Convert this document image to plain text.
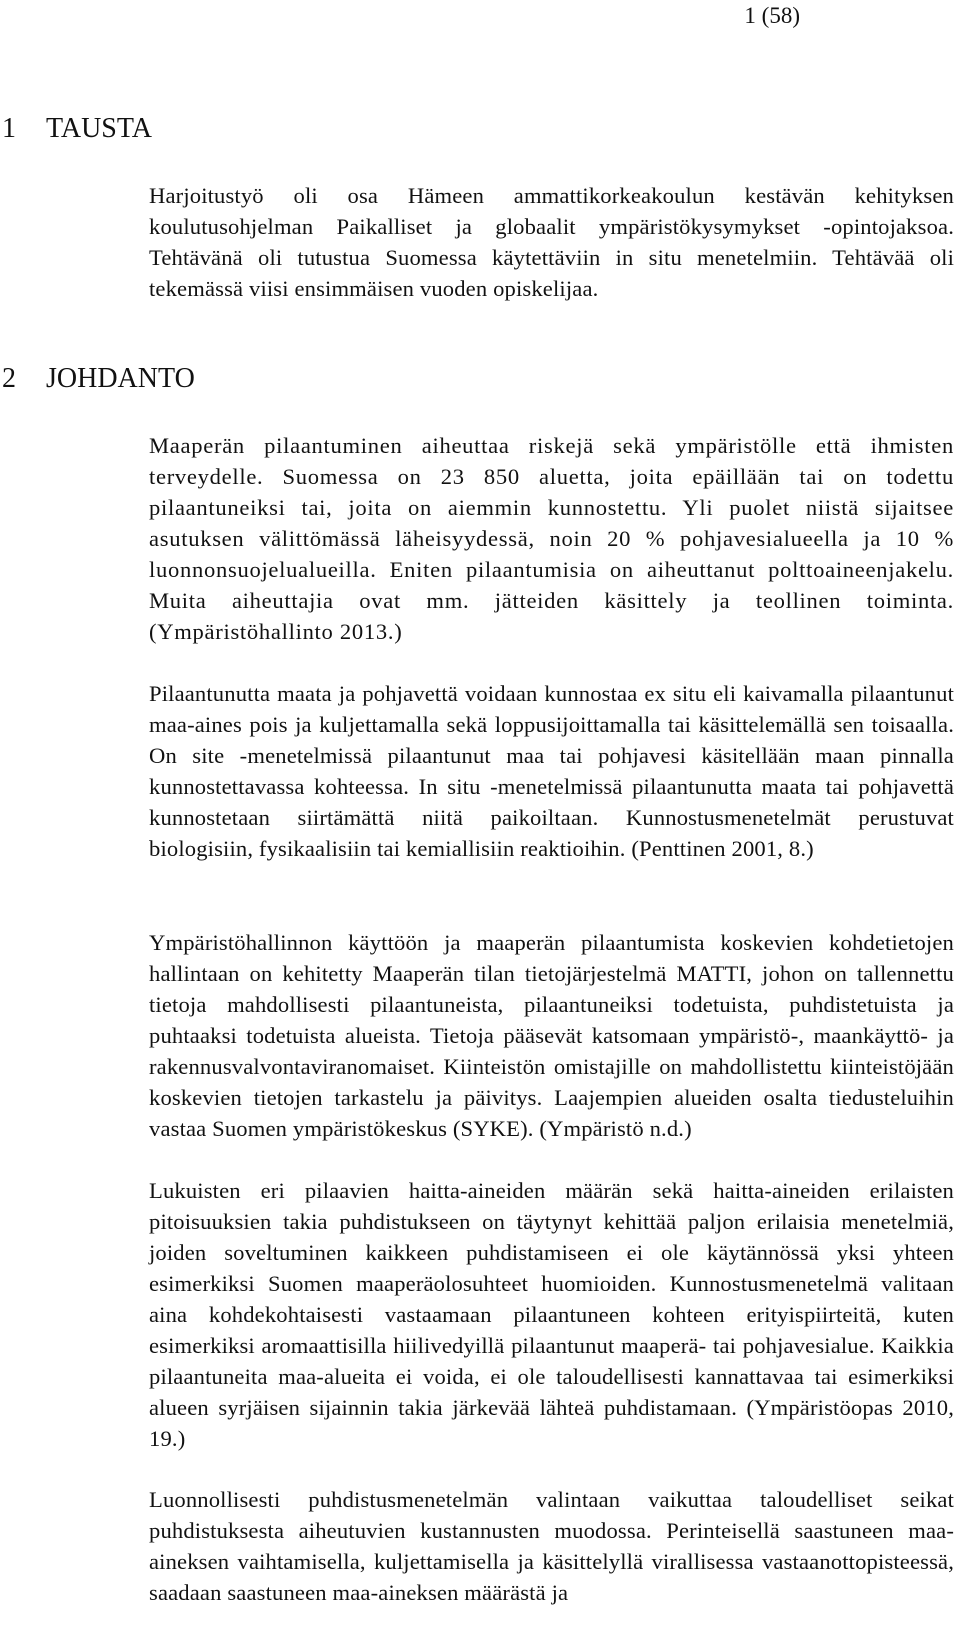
1 (58)
1 TAUSTA

Harjoitustyö oli osa Hämeen ammattikorkeakoulun kestävän kehityksen koulutusohjelman Paikalliset ja globaalit ympäristökysymykset -opintojaksoa. Tehtävänä oli tutustua Suomessa käytettäviin in situ menetelmiin. Tehtävää oli tekemässä viisi ensimmäisen vuoden opiskelijaa.

2 JOHDANTO

Maaperän pilaantuminen aiheuttaa riskejä sekä ympäristölle että ihmisten terveydelle. Suomessa on 23 850 aluetta, joita epäillään tai on todettu pilaantuneiksi tai, joita on aiemmin kunnostettu. Yli puolet niistä sijaitsee asutuksen välittömässä läheisyydessä, noin 20 % pohjavesialueella ja 10 % luonnonsuojelualueilla. Eniten pilaantumisia on aiheuttanut polttoaineenjakelu. Muita aiheuttajia ovat mm. jätteiden käsittely ja teollinen toiminta. (Ympäristöhallinto 2013.)

Pilaantunutta maata ja pohjavettä voidaan kunnostaa ex situ eli kaivamalla pilaantunut maa-aines pois ja kuljettamalla sekä loppusijoittamalla tai käsittelemällä sen toisaalla. On site -menetelmissä pilaantunut maa tai pohjavesi käsitellään maan pinnalla kunnostettavassa kohteessa. In situ -menetelmissä pilaantunutta maata tai pohjavettä kunnostetaan siirtämättä niitä paikoiltaan. Kunnostusmenetelmät perustuvat biologisiin, fysikaalisiin tai kemiallisiin reaktioihin. (Penttinen 2001, 8.)

Ympäristöhallinnon käyttöön ja maaperän pilaantumista koskevien kohdetietojen hallintaan on kehitetty Maaperän tilan tietojärjestelmä MATTI, johon on tallennettu tietoja mahdollisesti pilaantuneista, pilaantuneiksi todetuista, puhdistetuista ja puhtaaksi todetuista alueista. Tietoja pääsevät katsomaan ympäristö-, maankäyttö- ja rakennusvalvontaviranomaiset. Kiinteistön omistajille on mahdollistettu kiinteistöjään koskevien tietojen tarkastelu ja päivitys. Laajempien alueiden osalta tiedusteluihin vastaa Suomen ympäristökeskus (SYKE). (Ympäristö n.d.)

Lukuisten eri pilaavien haitta-aineiden määrän sekä haitta-aineiden erilaisten pitoisuuksien takia puhdistukseen on täytynyt kehittää paljon erilaisia menetelmiä, joiden soveltuminen kaikkeen puhdistamiseen ei ole käytännössä yksi yhteen esimerkiksi Suomen maaperäolosuhteet huomioiden. Kunnostusmenetelmä valitaan aina kohdekohtaisesti vastaamaan pilaantuneen kohteen erityispiirteitä, kuten esimerkiksi aromaattisilla hiilivedyillä pilaantunut maaperä- tai pohjavesialue. Kaikkia pilaantuneita maa-alueita ei voida, ei ole taloudellisesti kannattavaa tai esimerkiksi alueen syrjäisen sijainnin takia järkevää lähteä puhdistamaan. (Ympäristöopas 2010, 19.)

Luonnollisesti puhdistusmenetelmän valintaan vaikuttaa taloudelliset seikat puhdistuksesta aiheutuvien kustannusten muodossa. Perinteisellä saastuneen maa-aineksen vaihtamisella, kuljettamisella ja käsittelyllä virallisessa vastaanottopisteessä, saadaan saastuneen maa-aineksen määrästä ja
